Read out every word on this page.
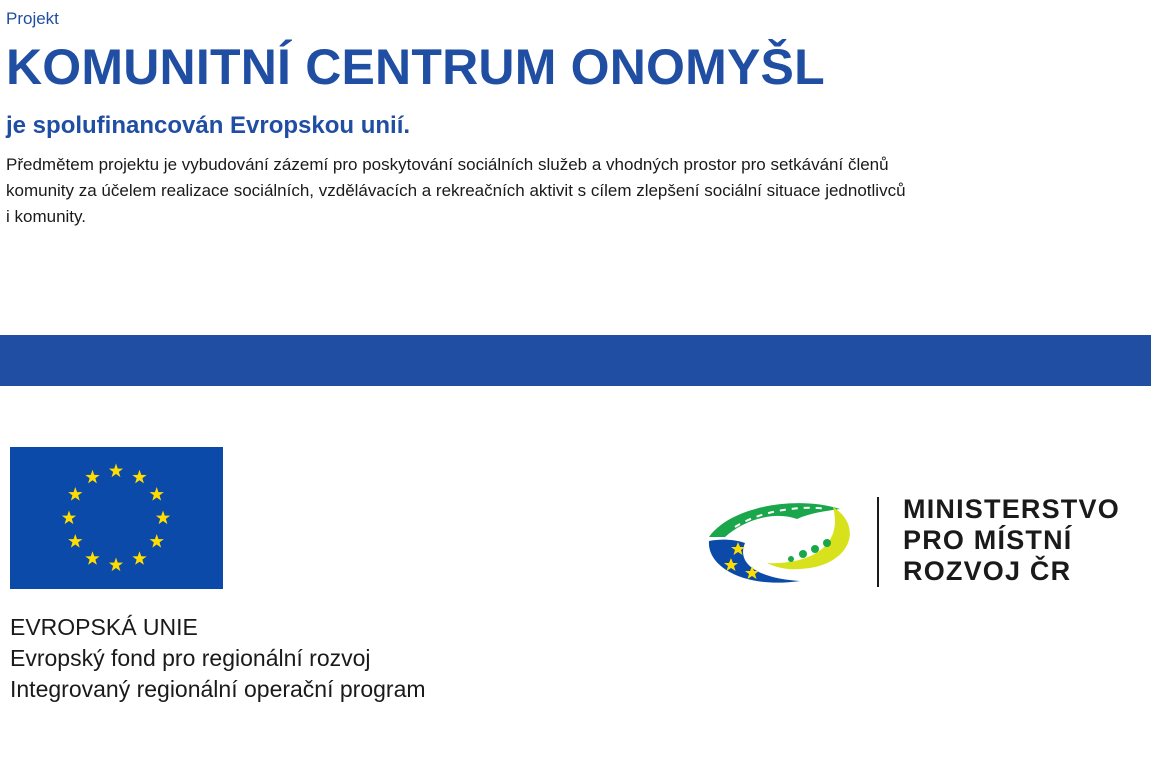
Projekt
KOMUNITNÍ CENTRUM ONOMYŠL
je spolufinancován Evropskou unií.
Předmětem projektu je vybudování zázemí pro poskytování sociálních služeb a vhodných prostor pro setkávání členů
komunity za účelem realizace sociálních, vzdělávacích a rekreačních aktivit s cílem zlepšení sociální situace jednotlivců
i komunity.
EVROPSKÁ UNIE
Evropský fond pro regionální rozvoj
Integrovaný regionální operační program
MINISTERSTVO
PRO MÍSTNÍ
ROZVOJ ČR
